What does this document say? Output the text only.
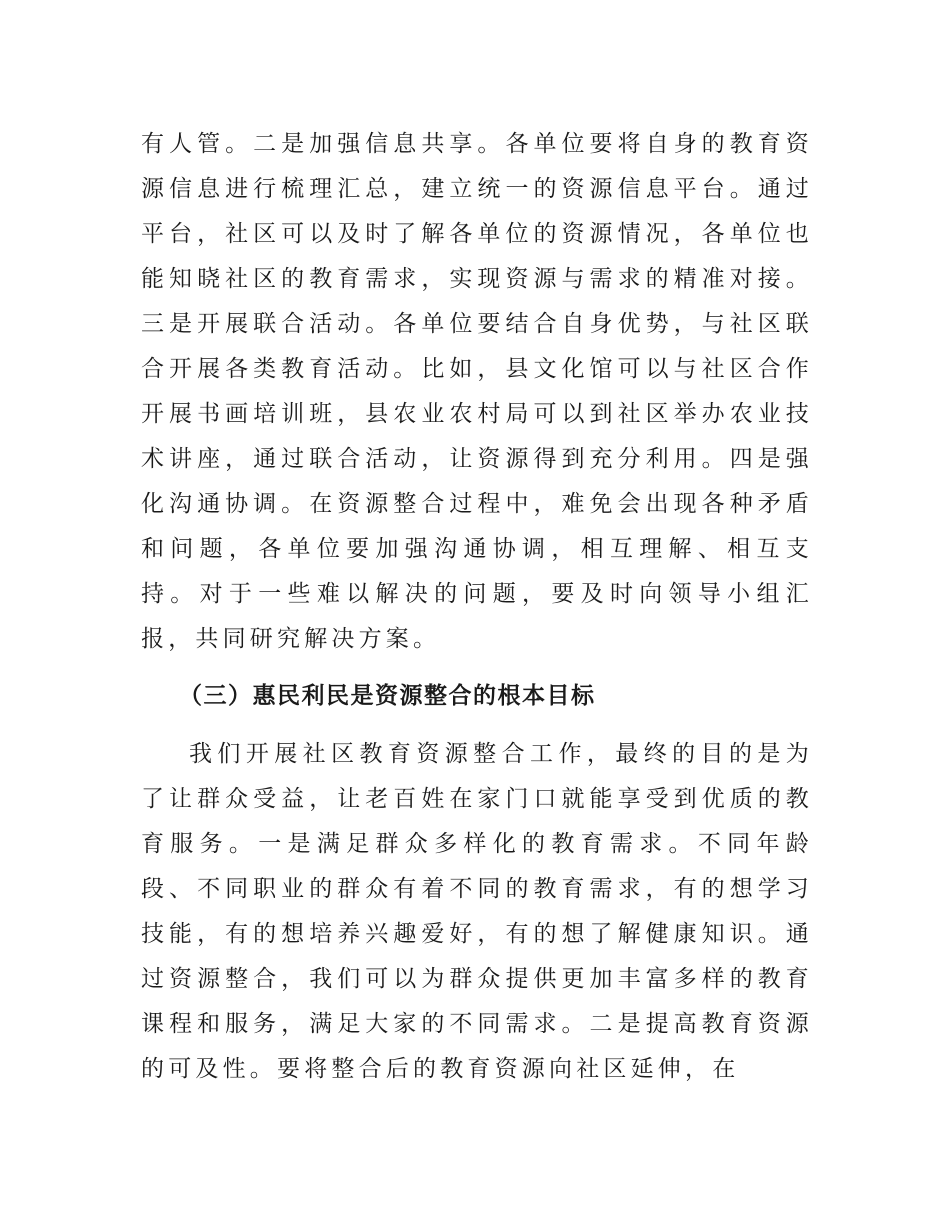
有人管。二是加强信息共享。各单位要将自身的教育资源信息进行梳理汇总，建立统一的资源信息平台。通过平台，社区可以及时了解各单位的资源情况，各单位也能知晓社区的教育需求，实现资源与需求的精准对接。三是开展联合活动。各单位要结合自身优势，与社区联合开展各类教育活动。比如，县文化馆可以与社区合作开展书画培训班，县农业农村局可以到社区举办农业技术讲座，通过联合活动，让资源得到充分利用。四是强化沟通协调。在资源整合过程中，难免会出现各种矛盾和问题，各单位要加强沟通协调，相互理解、相互支持。对于一些难以解决的问题，要及时向领导小组汇报，共同研究解决方案。

（三）惠民利民是资源整合的根本目标

我们开展社区教育资源整合工作，最终的目的是为了让群众受益，让老百姓在家门口就能享受到优质的教育服务。一是满足群众多样化的教育需求。不同年龄段、不同职业的群众有着不同的教育需求，有的想学习技能，有的想培养兴趣爱好，有的想了解健康知识。通过资源整合，我们可以为群众提供更加丰富多样的教育课程和服务，满足大家的不同需求。二是提高教育资源的可及性。要将整合后的教育资源向社区延伸，在
